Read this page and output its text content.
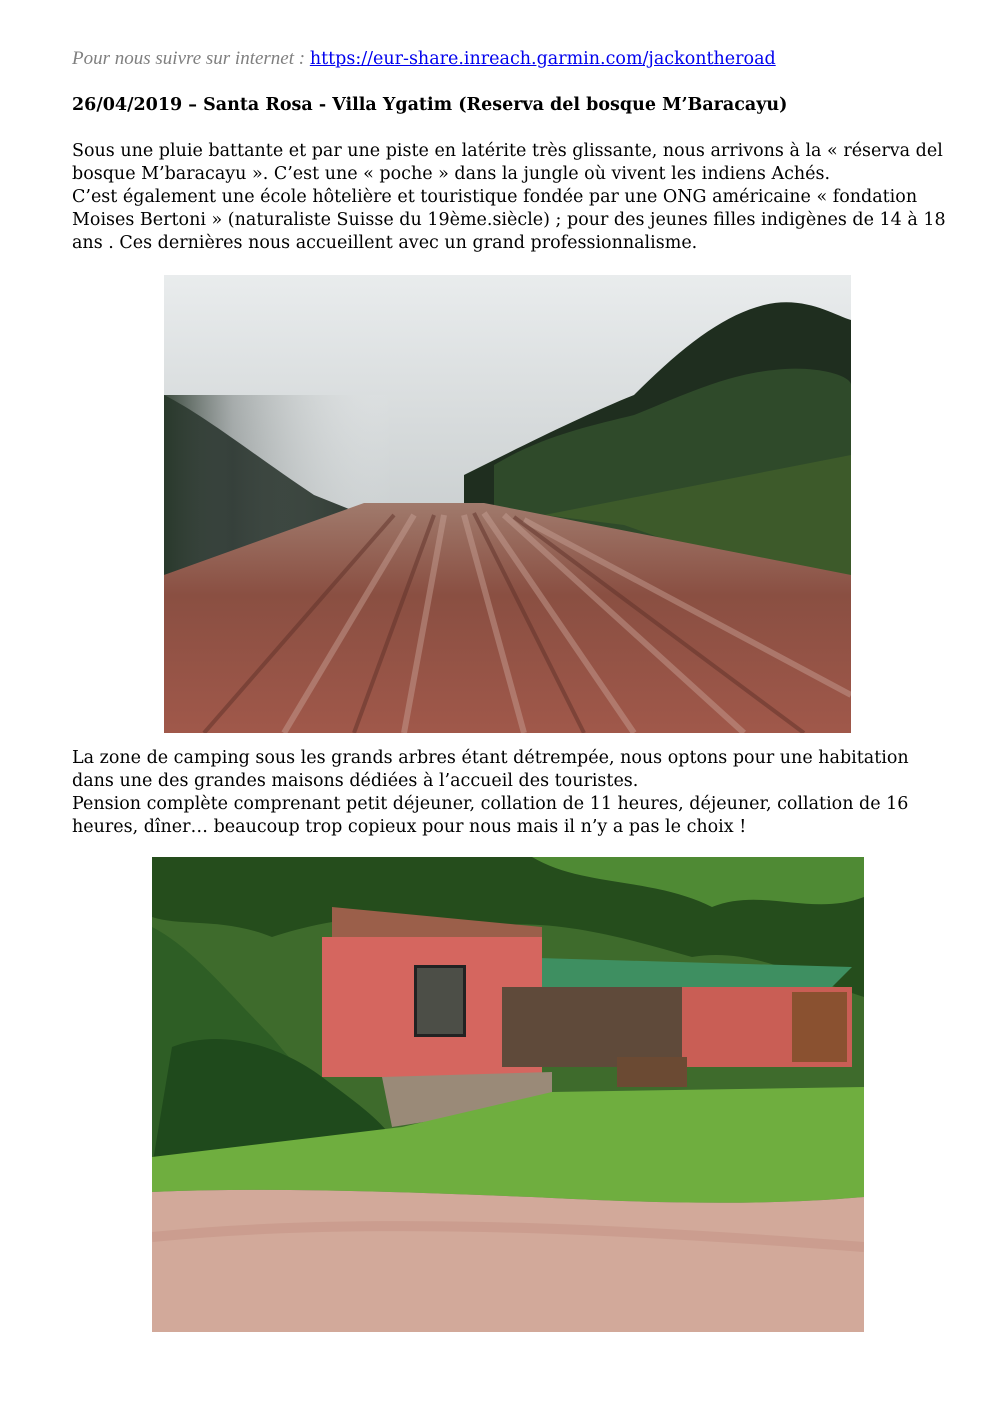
Pour nous suivre sur internet : https://eur-share.inreach.garmin.com/jackontheroad
26/04/2019 – Santa Rosa - Villa Ygatim (Reserva del bosque M’Baracayu)

Sous une pluie battante et par une piste en latérite très glissante, nous arrivons à la « réserva del bosque M’baracayu ». C’est une « poche » dans la jungle où vivent les indiens Achés.

C’est également une école hôtelière et touristique fondée par une ONG américaine « fondation Moises Bertoni » (naturaliste Suisse du 19ème.siècle) ; pour des jeunes filles indigènes de 14 à 18 ans . Ces dernières nous accueillent avec un grand professionnalisme.

La zone de camping sous les grands arbres étant détrempée, nous optons pour une habitation dans une des grandes maisons dédiées à l’accueil des touristes.

Pension complète comprenant petit déjeuner, collation de 11 heures, déjeuner, collation de 16 heures, dîner… beaucoup trop copieux pour nous mais il n’y a pas le choix !
